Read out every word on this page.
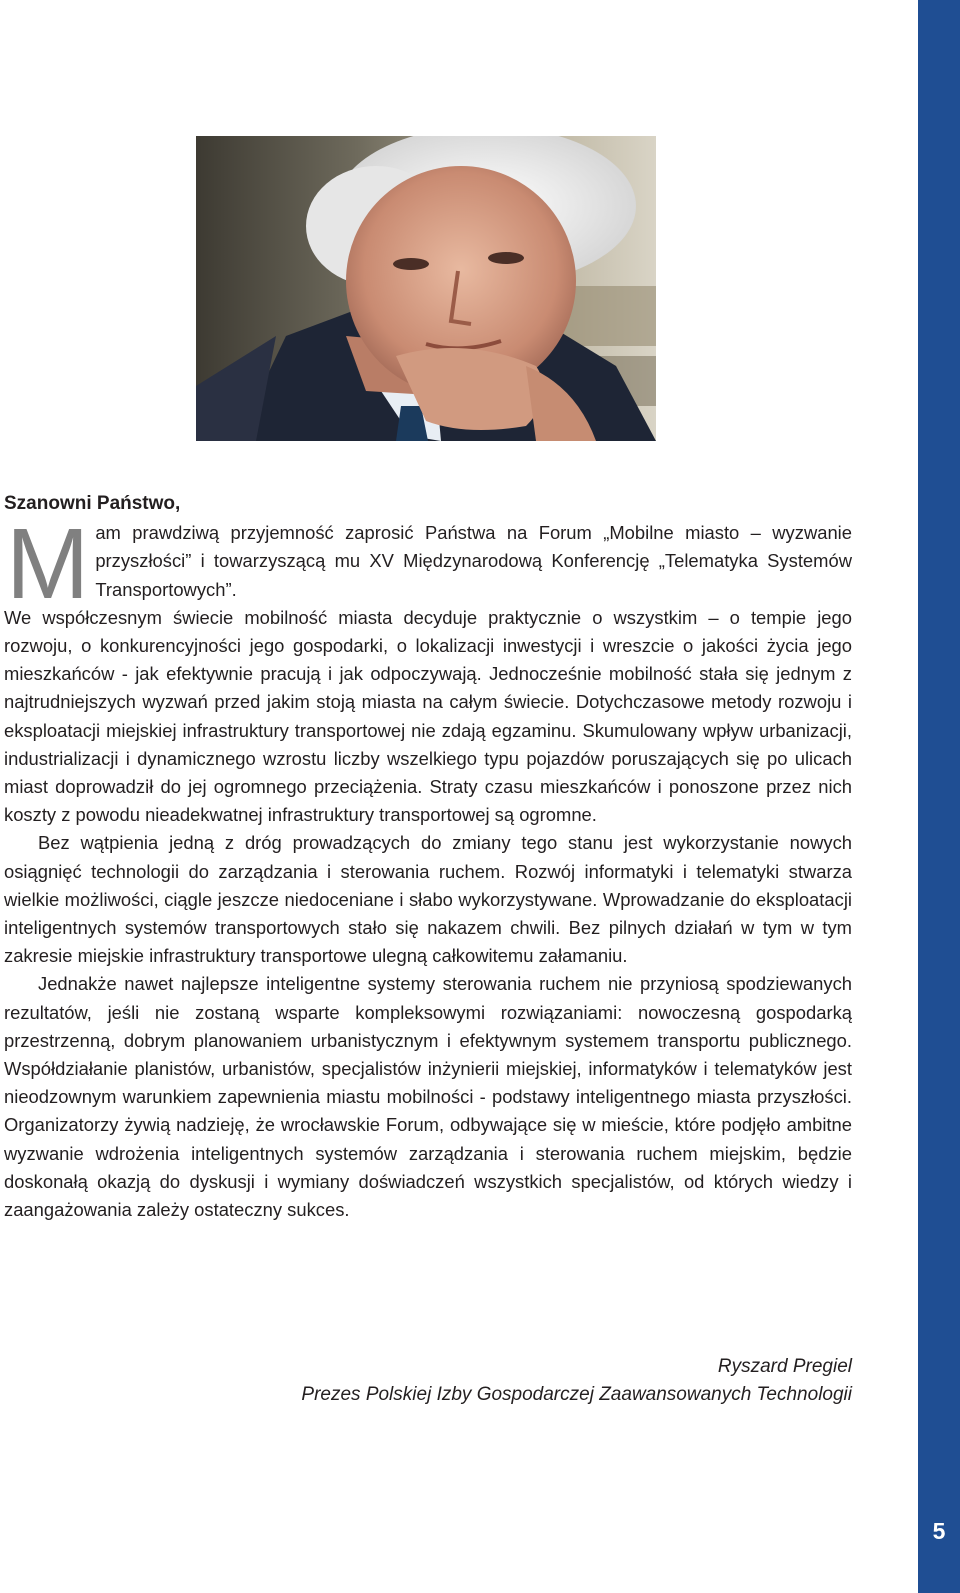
5

Szanowni Państwo,

M am prawdziwą przyjemność zaprosić Państwa na Forum „Mobilne miasto – wyzwanie przyszłości” i towarzyszącą mu XV Międzynarodową Konferencję „Telematyka Systemów Transportowych”.

We współczesnym świecie mobilność miasta decyduje praktycznie o wszystkim – o tempie jego rozwoju, o konkurencyjności jego gospodarki, o lokalizacji inwestycji i wreszcie o jakości życia jego mieszkańców - jak efektywnie pracują i jak odpoczywają. Jednocześnie mobilność stała się jednym z najtrudniejszych wyzwań przed jakim stoją miasta na całym świecie. Dotychczasowe metody rozwoju i eksploatacji miejskiej infrastruktury transportowej nie zdają egzaminu. Skumulowany wpływ urbanizacji, industrializacji i dynamicznego wzrostu liczby wszelkiego typu pojazdów poruszających się po ulicach miast doprowadził do jej ogromnego przeciążenia. Straty czasu mieszkańców i ponoszone przez nich koszty z powodu nieadekwatnej infrastruktury transportowej są ogromne.

Bez wątpienia jedną z dróg prowadzących do zmiany tego stanu jest wykorzystanie nowych osiągnięć technologii do zarządzania i sterowania ruchem. Rozwój informatyki i telematyki stwarza wielkie możliwości, ciągle jeszcze niedoceniane i słabo wykorzystywane. Wprowadzanie do eksploatacji inteligentnych systemów transportowych stało się nakazem chwili. Bez pilnych działań w tym w tym zakresie miejskie infrastruktury transportowe ulegną całkowitemu załamaniu.

Jednakże nawet najlepsze inteligentne systemy sterowania ruchem nie przyniosą spodziewanych rezultatów, jeśli nie zostaną wsparte kompleksowymi rozwiązaniami: nowoczesną gospodarką przestrzenną, dobrym planowaniem urbanistycznym i efektywnym systemem transportu publicznego. Współdziałanie planistów, urbanistów, specjalistów inżynierii miejskiej, informatyków i telematyków jest nieodzownym warunkiem zapewnienia miastu mobilności - podstawy inteligentnego miasta przyszłości. Organizatorzy żywią nadzieję, że wrocławskie Forum, odbywające się w mieście, które podjęło ambitne wyzwanie wdrożenia inteligentnych systemów zarządzania i sterowania ruchem miejskim, będzie doskonałą okazją do dyskusji i wymiany doświadczeń wszystkich specjalistów, od których wiedzy i zaangażowania zależy ostateczny sukces.

Ryszard Pregiel
Prezes Polskiej Izby Gospodarczej Zaawansowanych Technologii
